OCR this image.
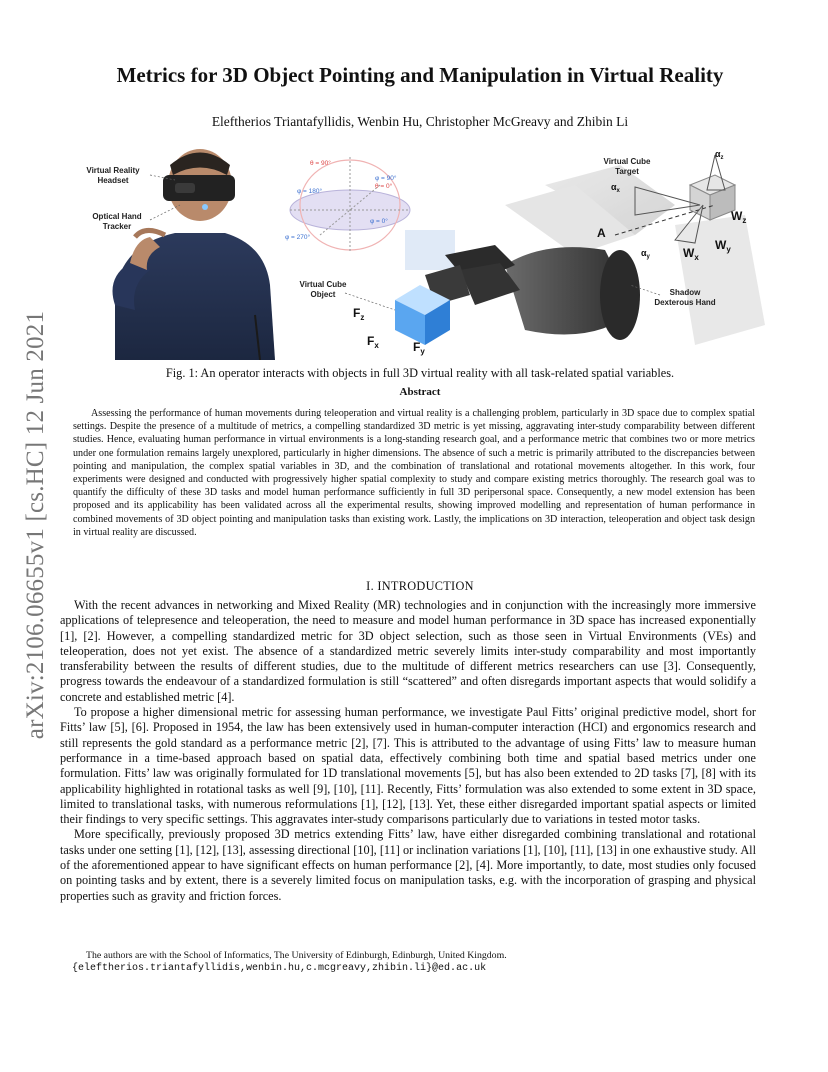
arXiv:2106.06655v1 [cs.HC] 12 Jun 2021
Metrics for 3D Object Pointing and Manipulation in Virtual Reality
Eleftherios Triantafyllidis, Wenbin Hu, Christopher McGreavy and Zhibin Li
Virtual Reality
Headset
Optical Hand
Tracker
Virtual Cube
Object
Virtual Cube
Target
Shadow
Dexterous Hand
θ = 90°
θ = 0°
φ = 90°
φ = 180°
φ = 0°
φ = 270°	A
$F_z$
$F_x$	$F_y$
$W_z$
$W_x$
$W_y$
$\alpha_z$
$\alpha_x$
$\alpha_y$
Fig. 1: An operator interacts with objects in full 3D virtual reality with all task-related spatial variables.
Abstract
Assessing the performance of human movements during teleoperation and virtual reality is a challenging problem, particularly in 3D space due to complex spatial settings. Despite the presence of a multitude of metrics, a compelling standardized 3D metric is yet missing, aggravating inter-study comparability between different studies. Hence, evaluating human performance in virtual environments is a long-standing research goal, and a performance metric that combines two or more metrics under one formulation remains largely unexplored, particularly in higher dimensions. The absence of such a metric is primarily attributed to the discrepancies between pointing and manipulation, the complex spatial variables in 3D, and the combination of translational and rotational movements altogether. In this work, four experiments were designed and conducted with progressively higher spatial complexity to study and compare existing metrics thoroughly. The research goal was to quantify the difficulty of these 3D tasks and model human performance sufficiently in full 3D peripersonal space. Consequently, a new model extension has been proposed and its applicability has been validated across all the experimental results, showing improved modelling and representation of human performance in combined movements of 3D object pointing and manipulation tasks than existing work. Lastly, the implications on 3D interaction, teleoperation and object task design in virtual reality are discussed.
I. INTRODUCTION

With the recent advances in networking and Mixed Reality (MR) technologies and in conjunction with the increasingly more immersive applications of telepresence and teleoperation, the need to measure and model human performance in 3D space has increased exponentially [1], [2]. However, a compelling standardized metric for 3D object selection, such as those seen in Virtual Environments (VEs) and teleoperation, does not yet exist. The absence of a standardized metric severely limits inter-study comparability and most importantly transferability between the results of different studies, due to the multitude of different metrics researchers can use [3]. Consequently, progress towards the endeavour of a standardized formulation is still “scattered” and often disregards important aspects that would solidify a concrete and established metric [4].

To propose a higher dimensional metric for assessing human performance, we investigate Paul Fitts’ original predictive model, short for Fitts’ law [5], [6]. Proposed in 1954, the law has been extensively used in human-computer interaction (HCI) and ergonomics research and still represents the gold standard as a performance metric [2], [7]. This is attributed to the advantage of using Fitts’ law to measure human performance in a time-based approach based on spatial data, effectively combining both time and spatial based metrics under one formulation. Fitts’ law was originally formulated for 1D translational movements [5], but has also been extended to 2D tasks [7], [8] with its applicability highlighted in rotational tasks as well [9], [10], [11]. Recently, Fitts’ formulation was also extended to some extent in 3D space, limited to translational tasks, with numerous reformulations [1], [12], [13]. Yet, these either disregarded important spatial aspects or limited their findings to very specific settings. This aggravates inter-study comparisons particularly due to variations in tested motor tasks.

More specifically, previously proposed 3D metrics extending Fitts’ law, have either disregarded combining translational and rotational tasks under one setting [1], [12], [13], assessing directional [10], [11] or inclination variations [1], [10], [11], [13] in one exhaustive study. All of the aforementioned appear to have significant effects on human performance [2], [4]. More importantly, to date, most studies only focused on pointing tasks and by extent, there is a severely limited focus on manipulation tasks, e.g. with the incorporation of grasping and physical properties such as gravity and friction forces.

The authors are with the School of Informatics, The University of Edinburgh, Edinburgh, United Kingdom.
{eleftherios.triantafyllidis,wenbin.hu,c.mcgreavy,zhibin.li}@ed.ac.uk
